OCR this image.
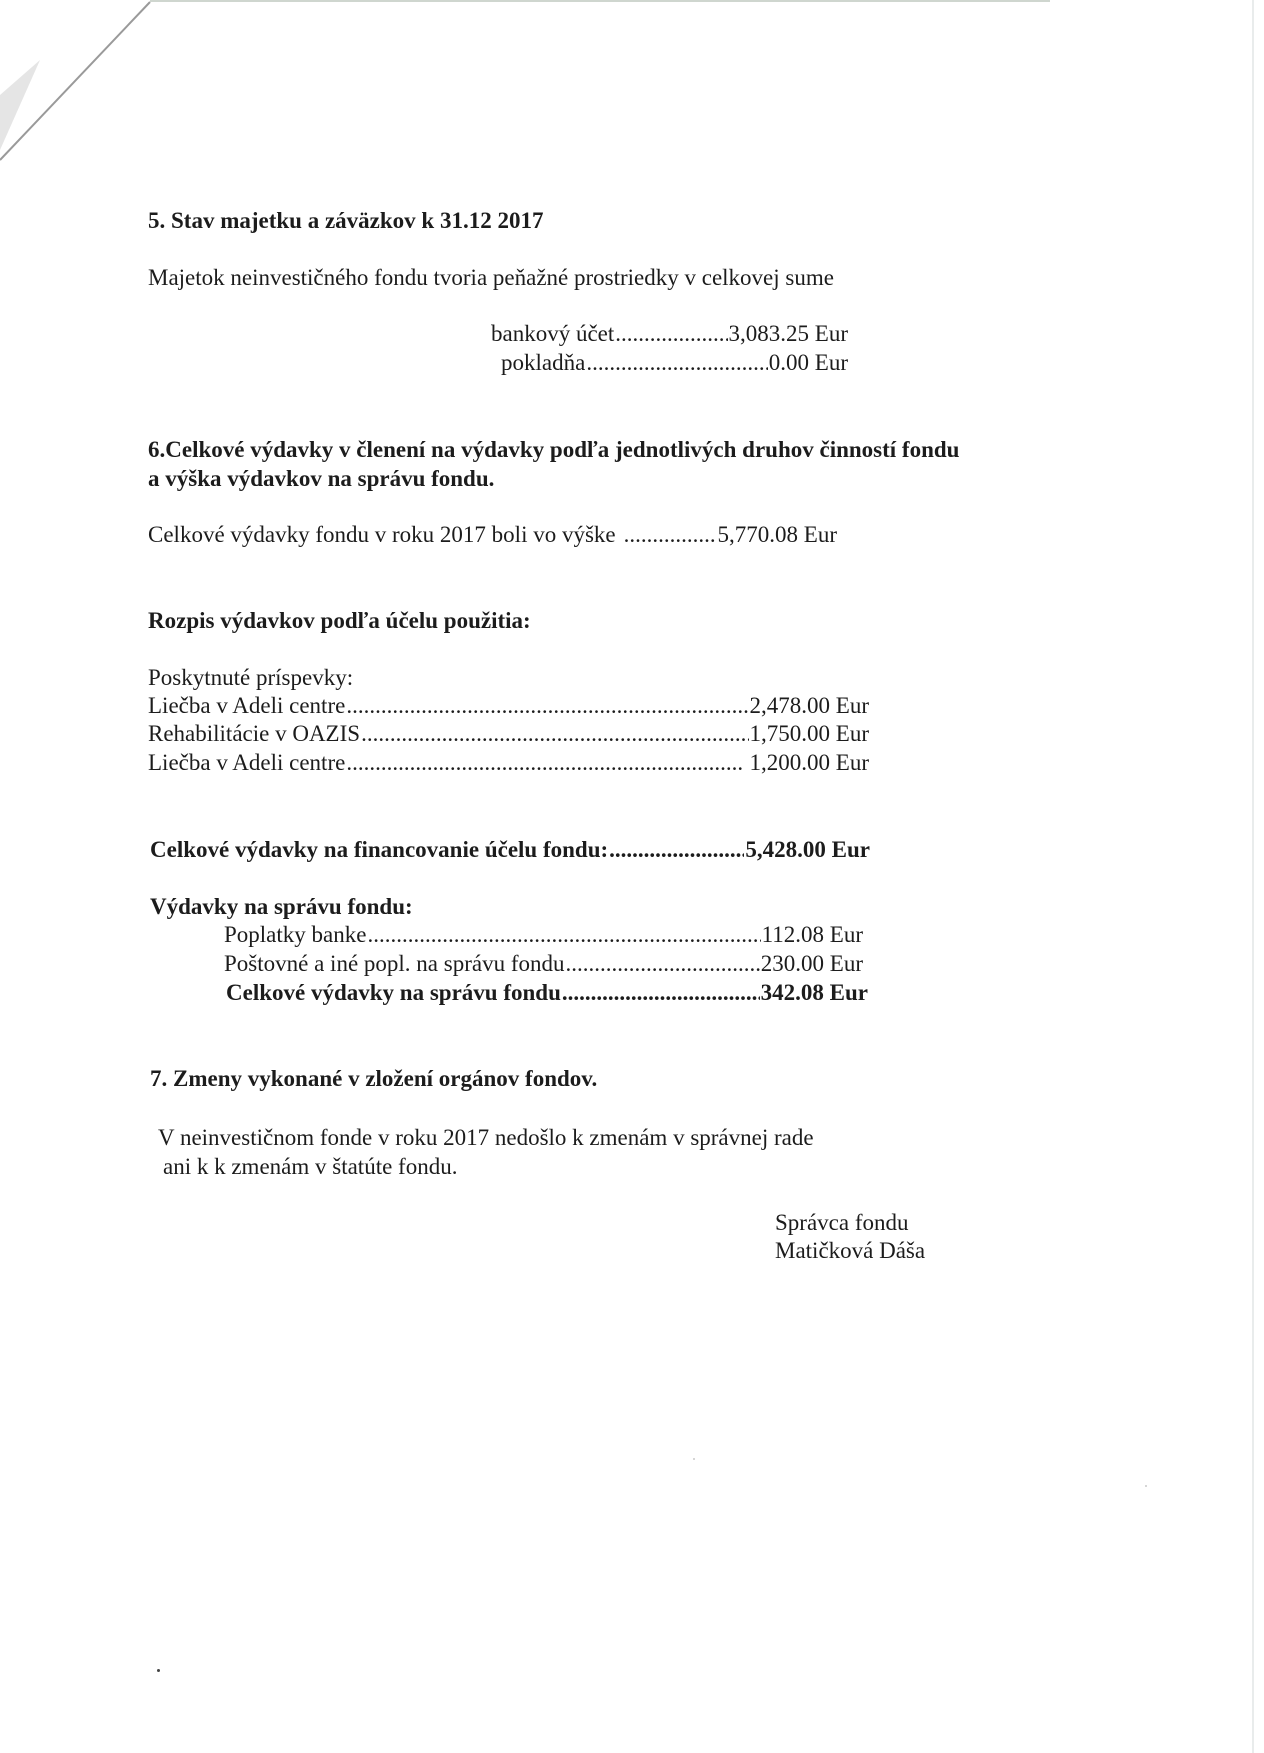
5. Stav majetku a záväzkov k 31.12 2017
Majetok neinvestičného fondu tvoria peňažné prostriedky v celkovej sume
bankový účet .....	3,083.25 Eur
pokladňa .....	0.00 Eur
6.Celkové výdavky v členení na výdavky podľa jednotlivých druhov činností fondu
a výška výdavkov na správu fondu.
Celkové výdavky fondu v roku 2017 boli vo výške .....	5,770.08 Eur
Rozpis výdavkov podľa účelu použitia:
Poskytnuté príspevky:
Liečba v Adeli centre .....	2,478.00 Eur
Rehabilitácie v OAZIS .....	1,750.00 Eur
Liečba v Adeli centre .....	1,200.00 Eur
Celkové výdavky na financovanie účelu fondu: .....	5,428.00 Eur
Výdavky na správu fondu:
Poplatky banke .....	112.08 Eur
Poštovné a iné popl. na správu fondu .....	230.00 Eur
Celkové výdavky na správu fondu .....	342.08 Eur
7. Zmeny vykonané v zložení orgánov fondov.
V neinvestičnom fonde v roku 2017 nedošlo k zmenám v správnej rade
ani k k zmenám v štatúte fondu.
Správca fondu
Matičková Dáša
